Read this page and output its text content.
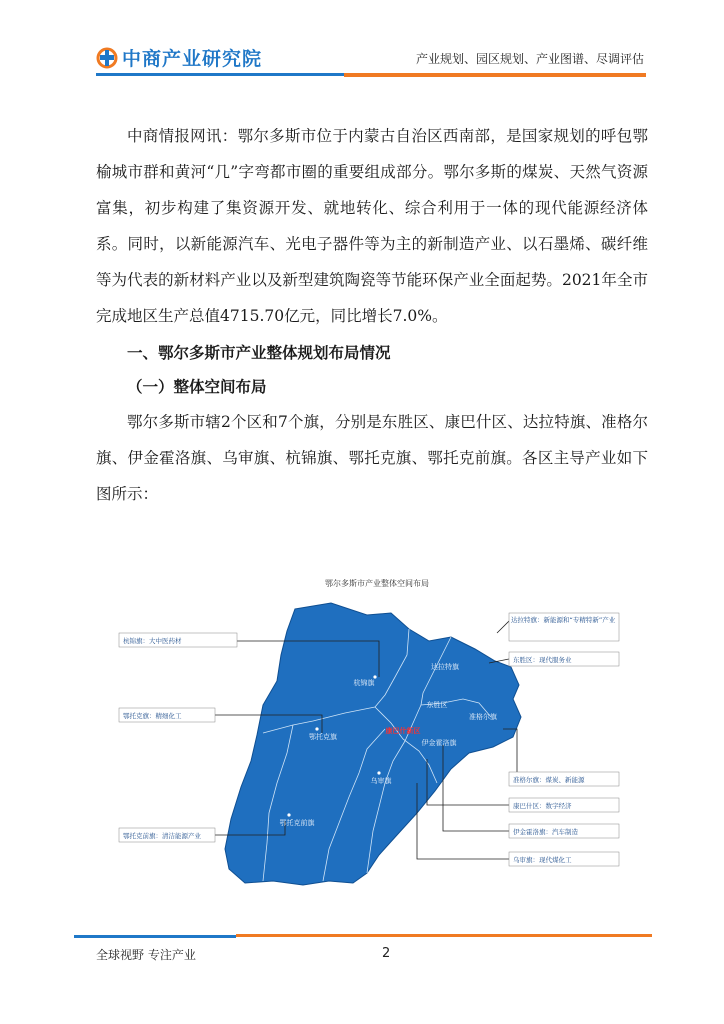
中商产业研究院	产业规划、园区规划、产业图谱、尽调评估

中商情报网讯：鄂尔多斯市位于内蒙古自治区西南部，是国家规划的呼包鄂榆城市群和黄河“几”字弯都市圈的重要组成部分。鄂尔多斯的煤炭、天然气资源富集，初步构建了集资源开发、就地转化、综合利用于一体的现代能源经济体系。同时，以新能源汽车、光电子器件等为主的新制造产业、以石墨烯、碳纤维等为代表的新材料产业以及新型建筑陶瓷等节能环保产业全面起势。2021年全市完成地区生产总值4715.70亿元，同比增长7.0%。

一、鄂尔多斯市产业整体规划布局情况

（一）整体空间布局

鄂尔多斯市辖2个区和7个旗，分别是东胜区、康巴什区、达拉特旗、准格尔旗、伊金霍洛旗、乌审旗、杭锦旗、鄂托克旗、鄂托克前旗。各区主导产业如下图所示：

鄂尔多斯市产业整体空间布局
杭锦旗
达拉特旗
东胜区
准格尔旗
鄂托克旗
伊金霍洛旗
康巴什新区
乌审旗
鄂托克前旗
杭锦旗：大中医药材
鄂托克旗：精细化工
鄂托克前旗：清洁能源产业
达拉特旗：新能源和“专精特新”产业
东胜区：现代服务业
准格尔旗：煤炭、新能源
康巴什区：数字经济
伊金霍洛旗：汽车制造
乌审旗：现代煤化工
全球视野 专注产业	2
